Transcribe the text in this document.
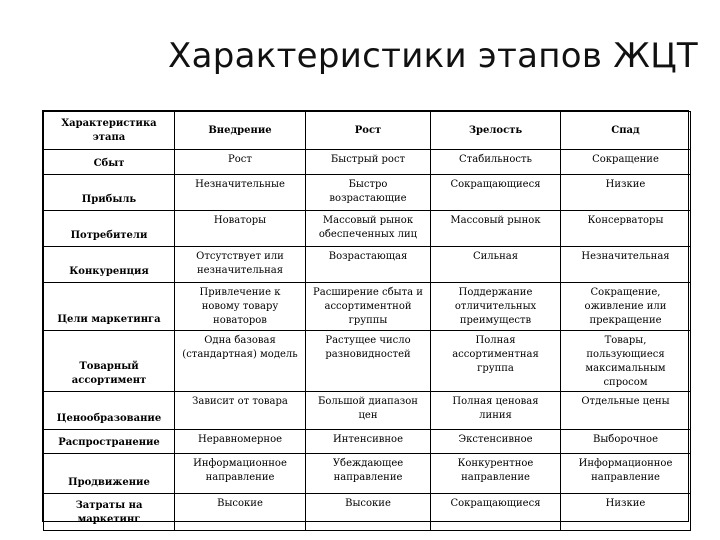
Характеристики этапов ЖЦТ
Характеристика этапа	Внедрение	Рост	Зрелость	Спад
Сбыт	Рост	Быстрый рост	Стабильность	Сокращение
Прибыль	Незначительные	Быстро возрастающие	Сокращающиеся	Низкие
Потребители	Новаторы	Массовый рынок обеспеченных лиц	Массовый рынок	Консерваторы
Конкуренция	Отсутствует или незначительная	Возрастающая	Сильная	Незначительная
Цели маркетинга	Привлечение к новому товару новаторов	Расширение сбыта и ассортиментной группы	Поддержание отличительных преимуществ	Сокращение, оживление или прекращение
Товарный ассортимент	Одна базовая (стандартная) модель	Растущее число разновидностей	Полная ассортиментная группа	Товары, пользующиеся максимальным спросом
Ценообразование	Зависит от товара	Большой диапазон цен	Полная ценовая линия	Отдельные цены
Распространение	Неравномерное	Интенсивное	Экстенсивное	Выборочное
Продвижение	Информационное направление	Убеждающее направление	Конкурентное направление	Информационное направление
Затраты на маркетинг	Высокие	Высокие	Сокращающиеся	Низкие
